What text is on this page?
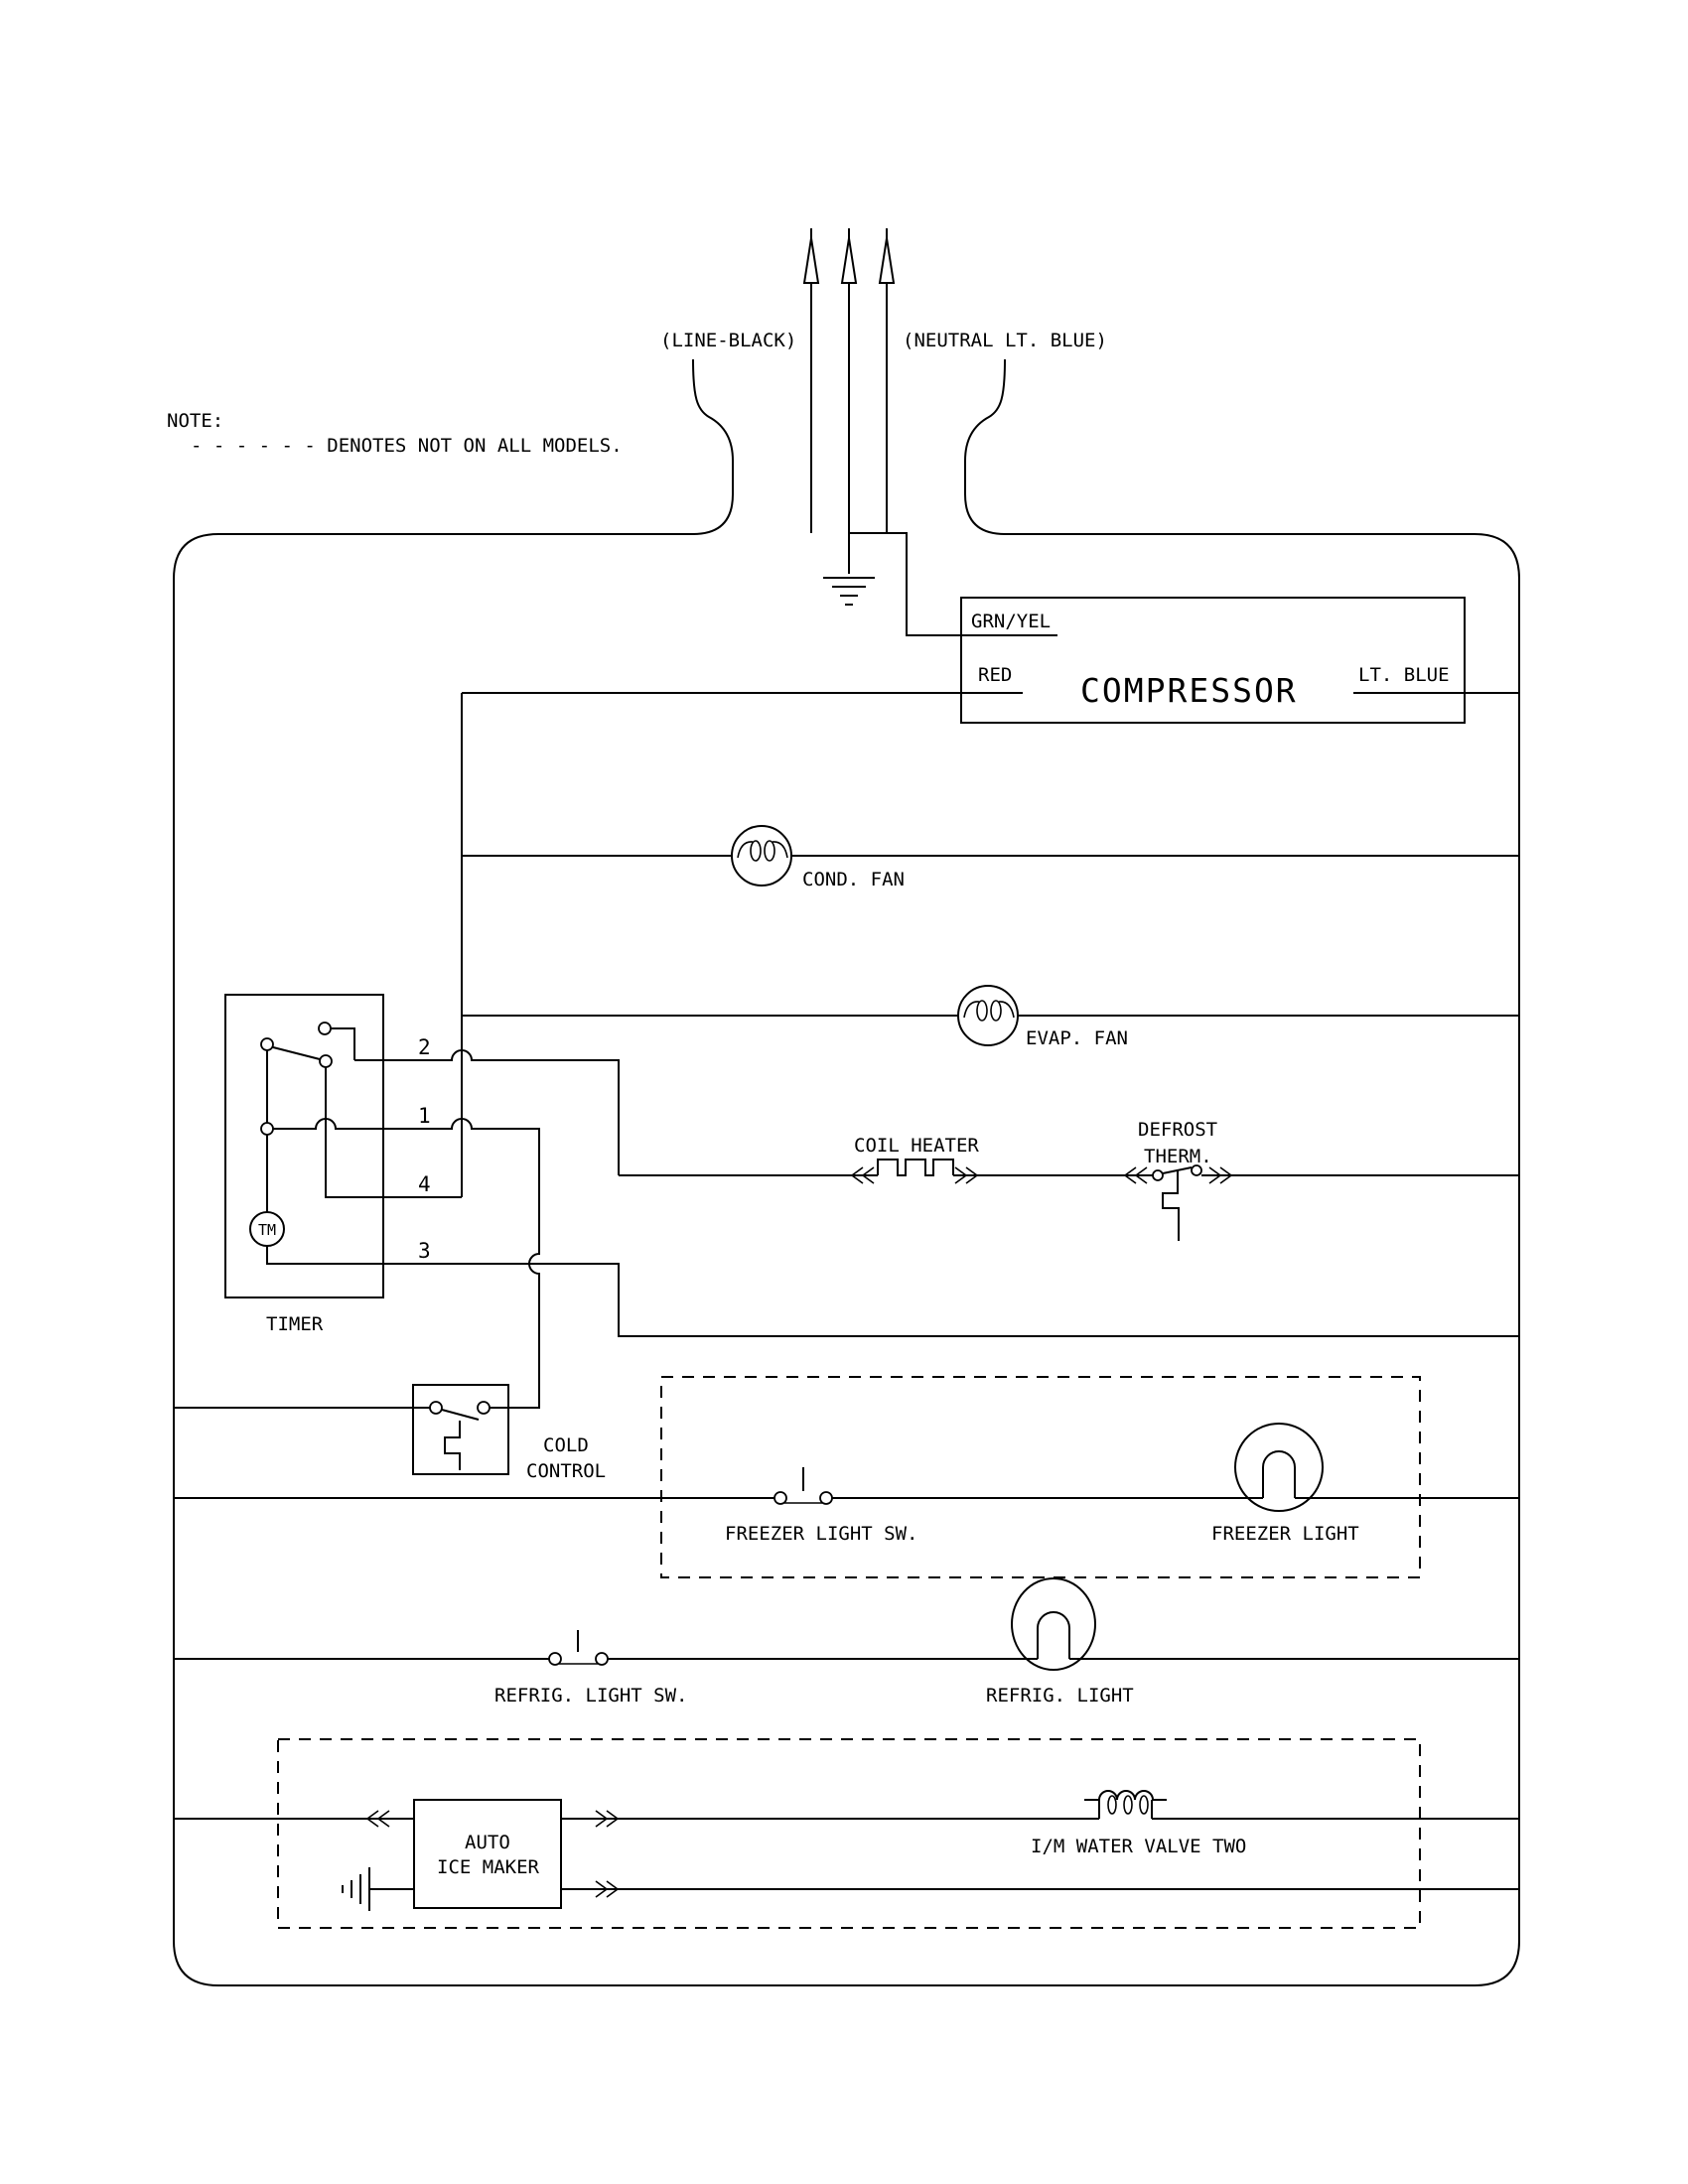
(LINE-BLACK)	(NEUTRAL LT. BLUE)
NOTE:
- - - - - - DENOTES NOT ON ALL MODELS.
GRN/YEL
RED COMPRESSOR	LT. BLUE
COND. FAN
EVAP. FAN
TM
2
1
4
3
TIMER
COLD
CONTROL
COIL HEATER
DEFROST
THERM.
FREEZER LIGHT SW.	FREEZER LIGHT
REFRIG. LIGHT SW.	REFRIG. LIGHT
AUTO
ICE MAKER
I/M WATER VALVE TWO
